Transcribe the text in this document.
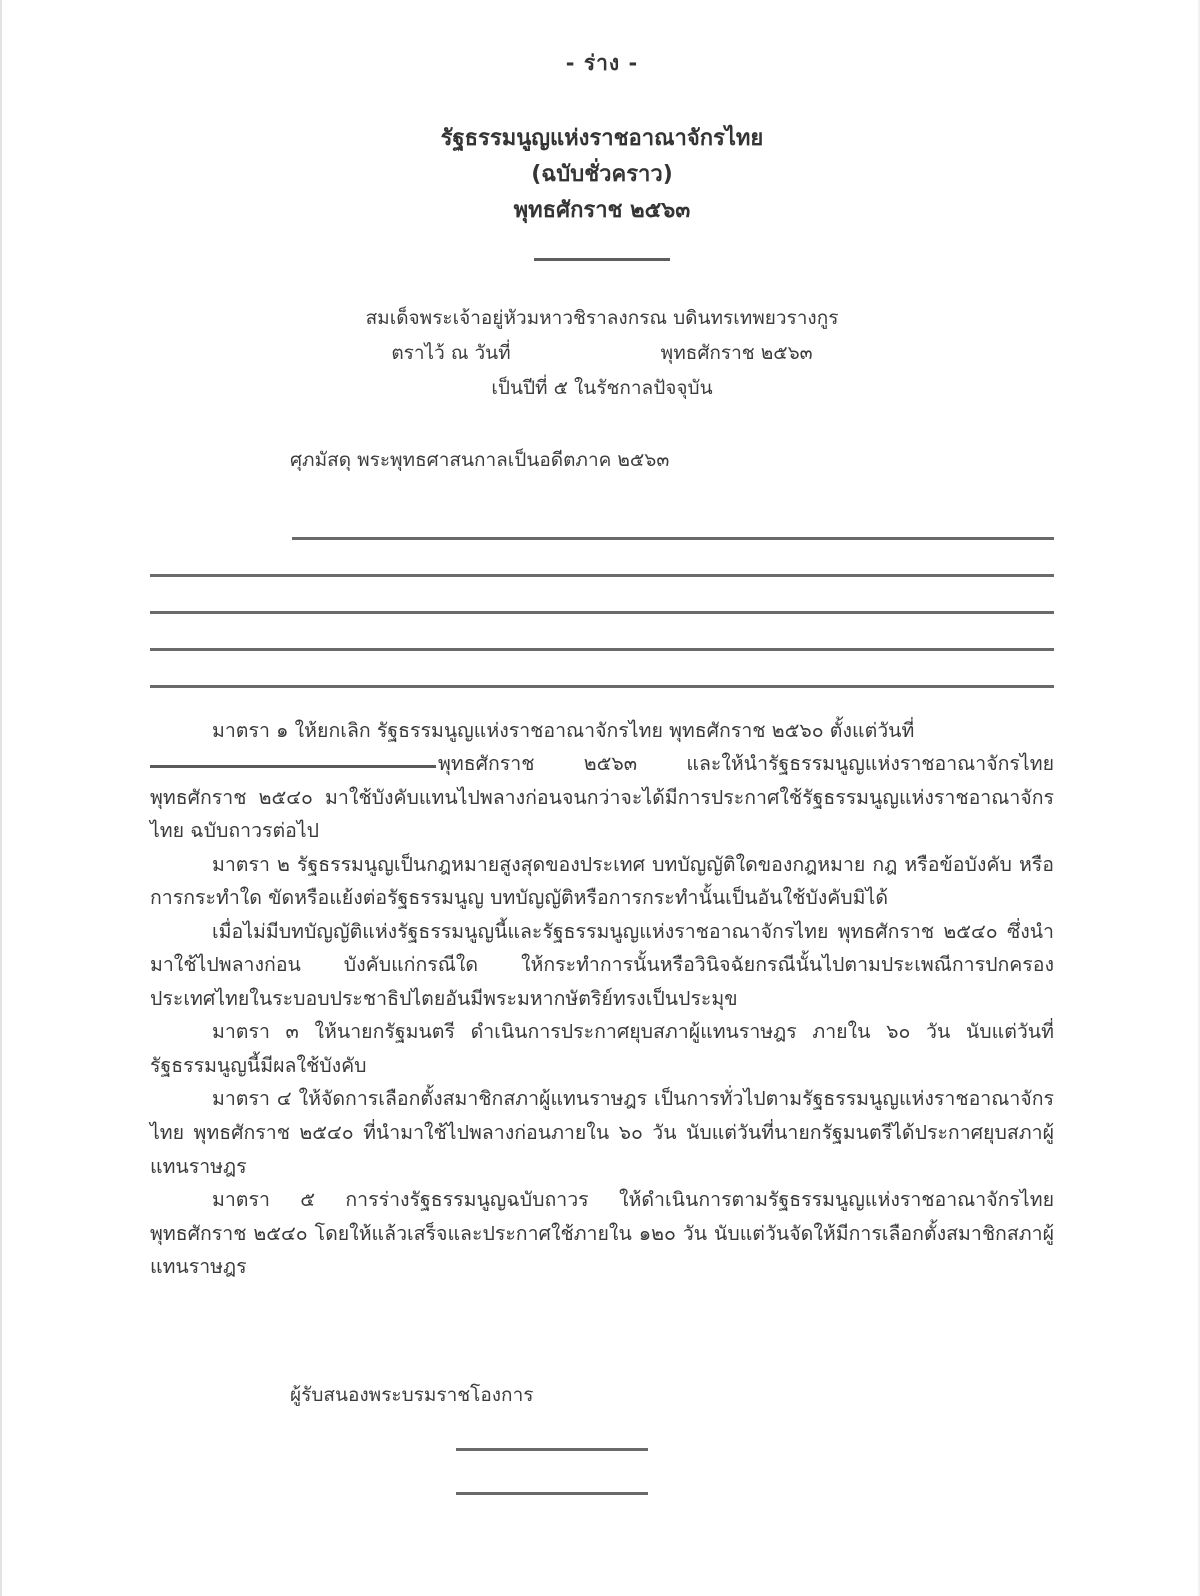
- ร่าง -
รัฐธรรมนูญแห่งราชอาณาจักรไทย
(ฉบับชั่วคราว)
พุทธศักราช ๒๕๖๓
สมเด็จพระเจ้าอยู่หัวมหาวชิราลงกรณ บดินทรเทพยวรางกูร
ตราไว้ ณ วันที่	พุทธศักราช ๒๕๖๓
เป็นปีที่ ๕ ในรัชกาลปัจจุบัน
ศุภมัสดุ พระพุทธศาสนกาลเป็นอดีตภาค ๒๕๖๓

มาตรา ๑ ให้ยกเลิก รัฐธรรมนูญแห่งราชอาณาจักรไทย พุทธศักราช ๒๕๖๐ ตั้งแต่วันที่
พุทธศักราช ๒๕๖๓ และให้นำรัฐธรรมนูญแห่งราชอาณาจักรไทย พุทธศักราช ๒๕๔๐ มาใช้บังคับแทนไปพลางก่อนจนกว่าจะได้มีการประกาศใช้รัฐธรรมนูญแห่งราชอาณาจักรไทย ฉบับถาวรต่อไป

มาตรา ๒ รัฐธรรมนูญเป็นกฎหมายสูงสุดของประเทศ บทบัญญัติใดของกฎหมาย กฎ หรือข้อบังคับ หรือการกระทำใด ขัดหรือแย้งต่อรัฐธรรมนูญ บทบัญญัติหรือการกระทำนั้นเป็นอันใช้บังคับมิได้

เมื่อไม่มีบทบัญญัติแห่งรัฐธรรมนูญนี้และรัฐธรรมนูญแห่งราชอาณาจักรไทย พุทธศักราช ๒๕๔๐ ซึ่งนำมาใช้ไปพลางก่อน บังคับแก่กรณีใด ให้กระทำการนั้นหรือวินิจฉัยกรณีนั้นไปตามประเพณีการปกครองประเทศไทยในระบอบประชาธิปไตยอันมีพระมหากษัตริย์ทรงเป็นประมุข

มาตรา ๓ ให้นายกรัฐมนตรี ดำเนินการประกาศยุบสภาผู้แทนราษฎร ภายใน ๖๐ วัน นับแต่วันที่รัฐธรรมนูญนี้มีผลใช้บังคับ

มาตรา ๔ ให้จัดการเลือกตั้งสมาชิกสภาผู้แทนราษฎร เป็นการทั่วไปตามรัฐธรรมนูญแห่งราชอาณาจักรไทย พุทธศักราช ๒๕๔๐ ที่นำมาใช้ไปพลางก่อนภายใน ๖๐ วัน นับแต่วันที่นายกรัฐมนตรีได้ประกาศยุบสภาผู้แทนราษฎร

มาตรา ๕ การร่างรัฐธรรมนูญฉบับถาวร ให้ดำเนินการตามรัฐธรรมนูญแห่งราชอาณาจักรไทย พุทธศักราช ๒๕๔๐ โดยให้แล้วเสร็จและประกาศใช้ภายใน ๑๒๐ วัน นับแต่วันจัดให้มีการเลือกตั้งสมาชิกสภาผู้แทนราษฎร

ผู้รับสนองพระบรมราชโองการ
